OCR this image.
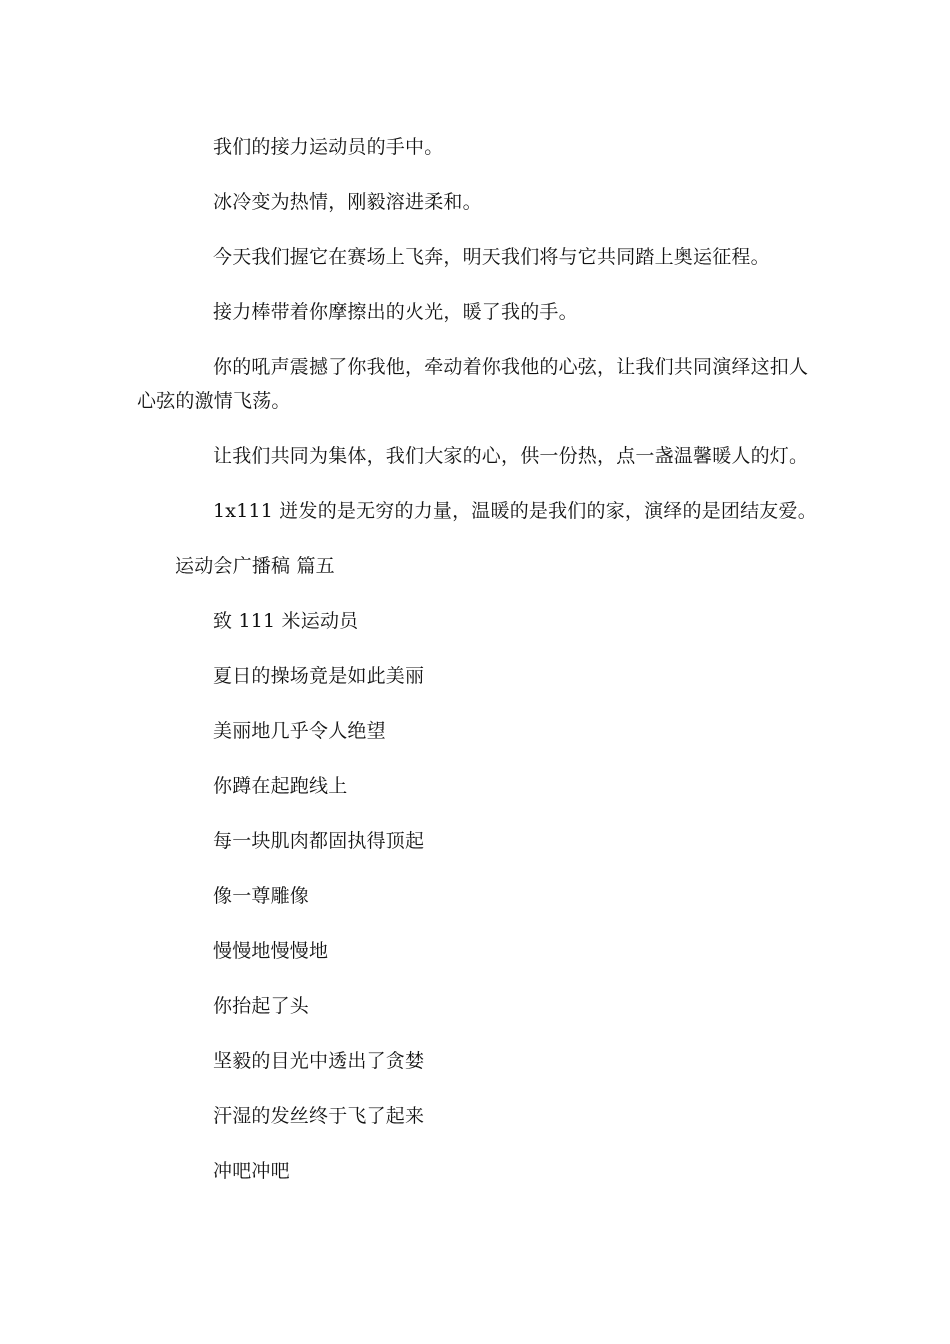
我们的接力运动员的手中。
冰冷变为热情，刚毅溶进柔和。
今天我们握它在赛场上飞奔，明天我们将与它共同踏上奥运征程。
接力棒带着你摩擦出的火光，暖了我的手。
你的吼声震撼了你我他，牵动着你我他的心弦，让我们共同演绎这扣人
心弦的激情飞荡。
让我们共同为集体，我们大家的心，供一份热，点一盏温馨暖人的灯。
1x111 迸发的是无穷的力量，温暖的是我们的家，演绎的是团结友爱。
运动会广播稿 篇五
致 111 米运动员
夏日的操场竟是如此美丽
美丽地几乎令人绝望
你蹲在起跑线上
每一块肌肉都固执得顶起
像一尊雕像
慢慢地慢慢地
你抬起了头
坚毅的目光中透出了贪婪
汗湿的发丝终于飞了起来
冲吧冲吧
